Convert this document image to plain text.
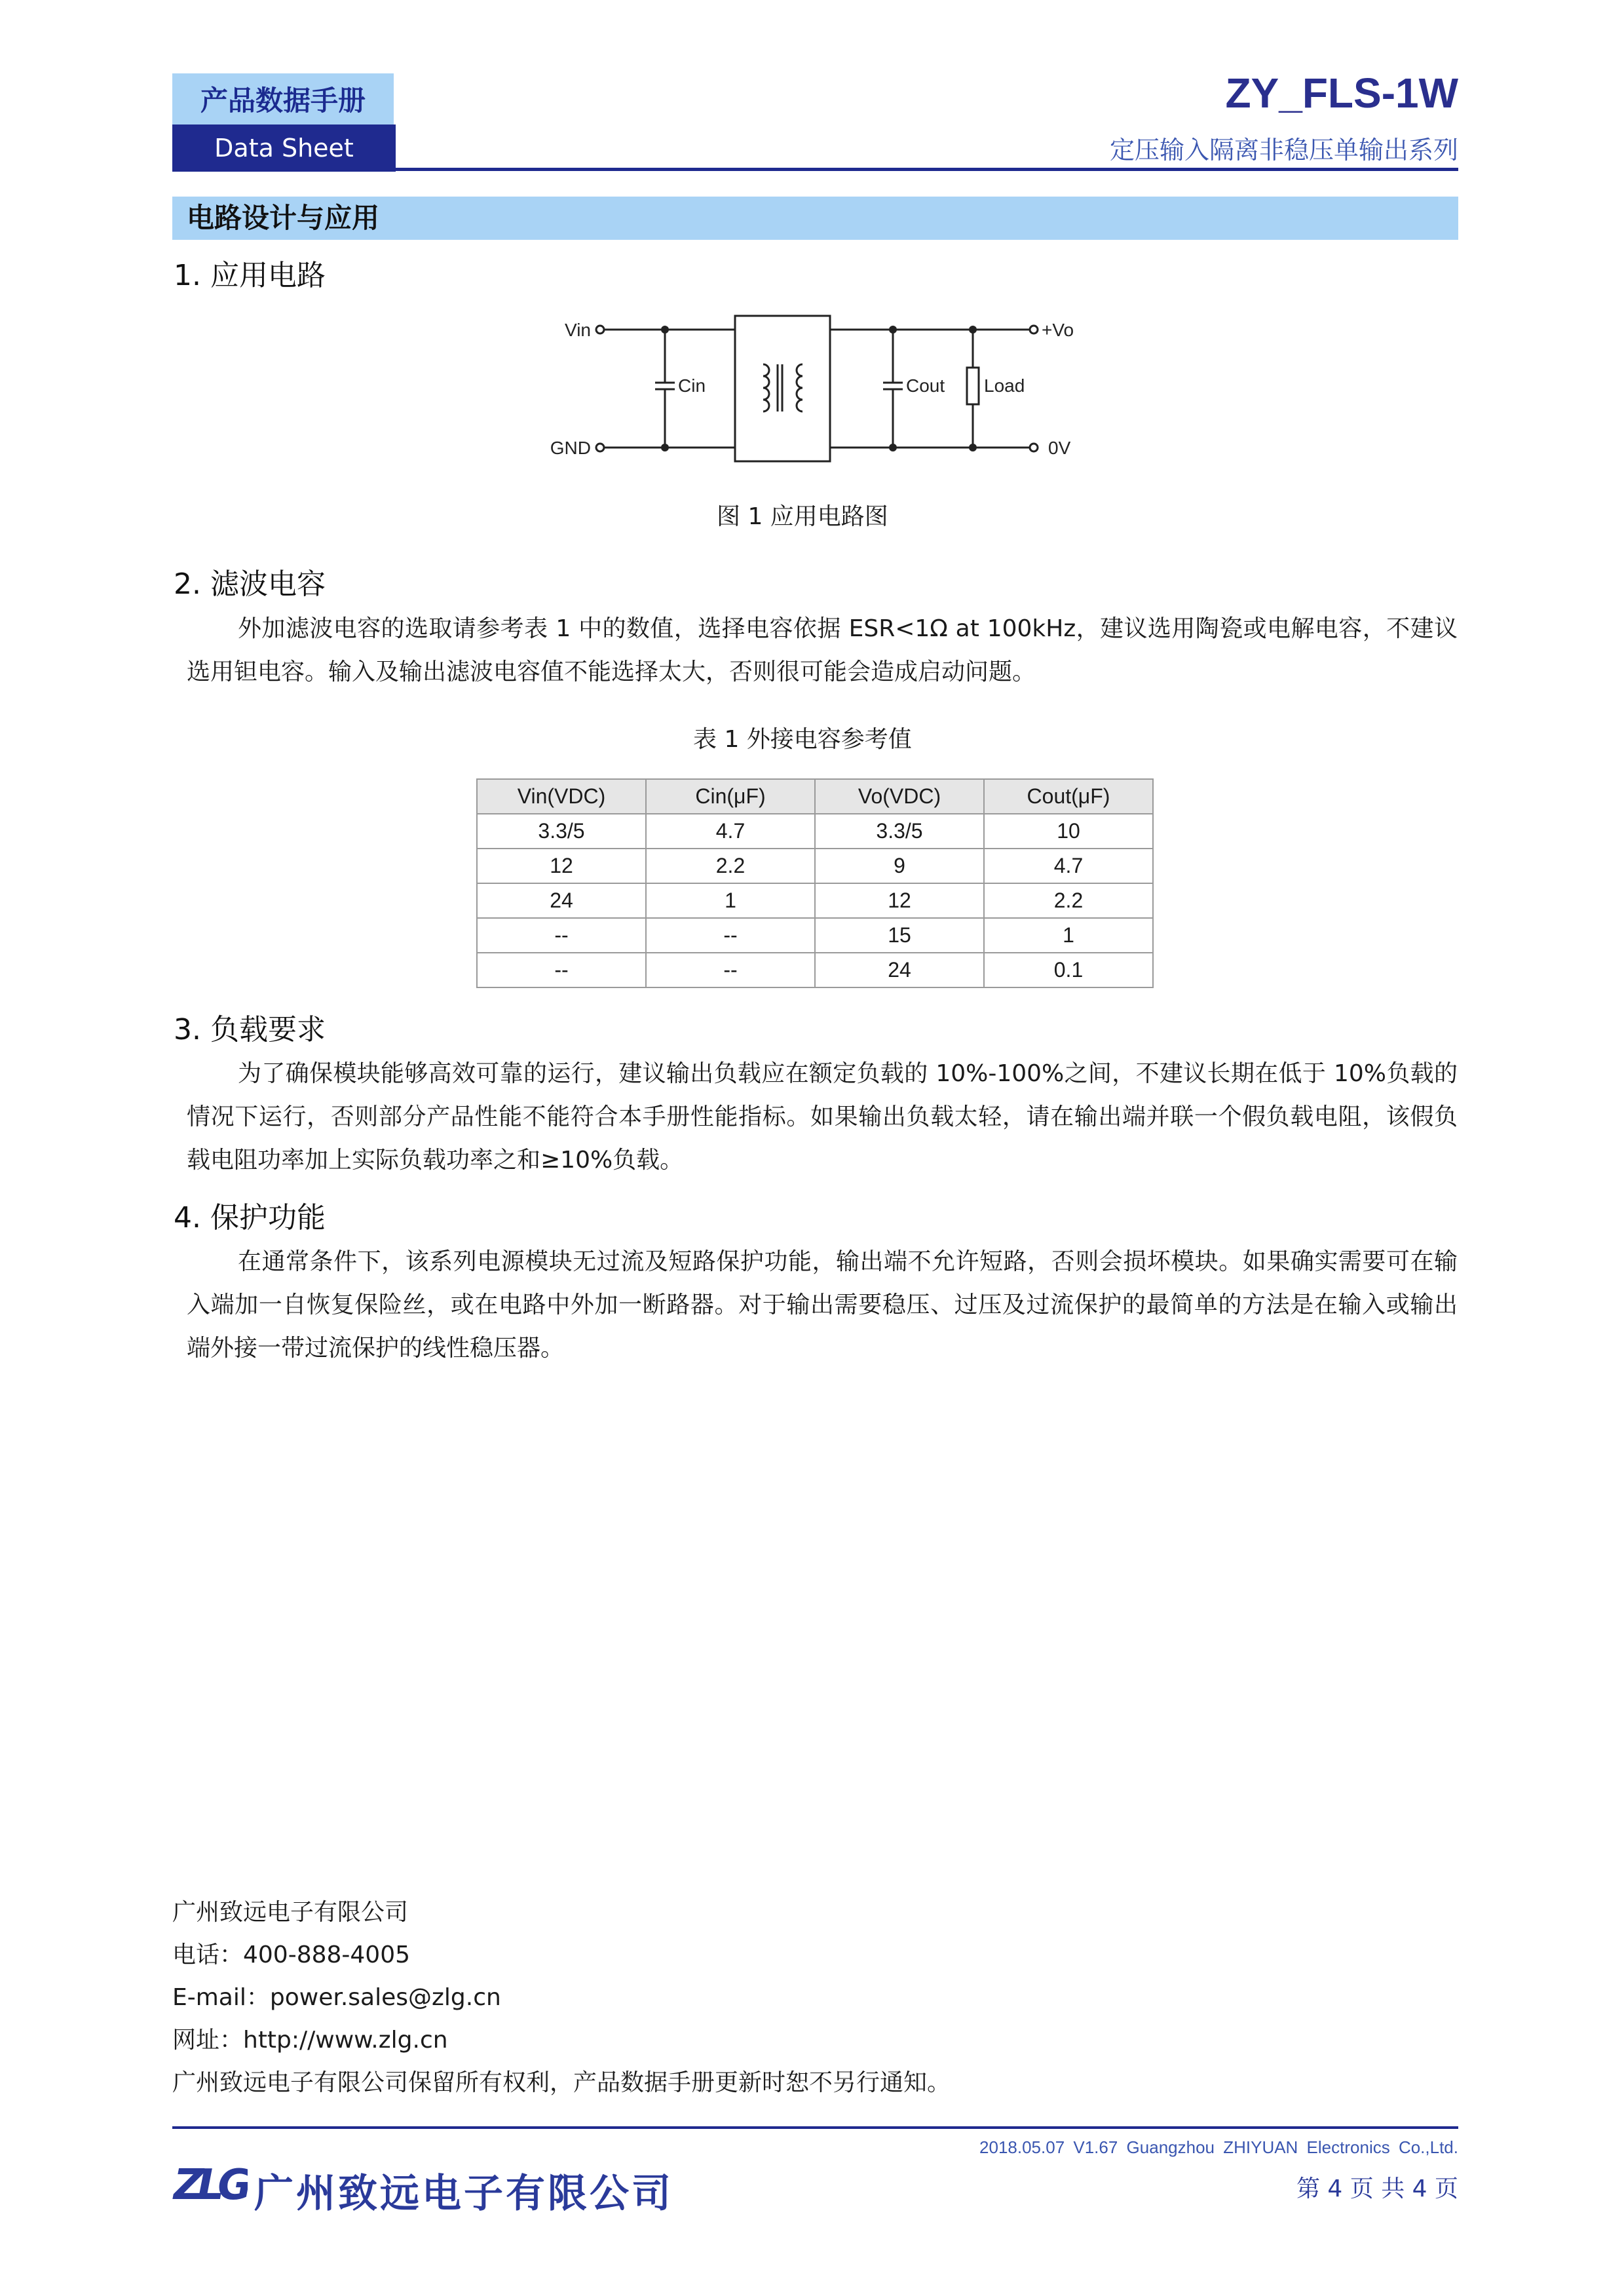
产品数据手册
Data Sheet
ZY_FLS-1W
定压输入隔离非稳压单输出系列
电路设计与应用
1. 应用电路
Vin
GND
Cin	Cout Load
+Vo
0V
图 1 应用电路图
2. 滤波电容
外加滤波电容的选取请参考表 1 中的数值，选择电容依据 ESR<1Ω at 100kHz，建议选用陶瓷或电解电容，不建议选用钽电容。输入及输出滤波电容值不能选择太大，否则很可能会造成启动问题。
表 1 外接电容参考值
Vin(VDC)	Cin(μF)	Vo(VDC)	Cout(μF)
3.3/5	4.7	3.3/5	10
12	2.2	9	4.7
24	1	12	2.2
--	--	15	1
--	--	24	0.1
3. 负载要求
为了确保模块能够高效可靠的运行，建议输出负载应在额定负载的 10%-100%之间，不建议长期在低于 10%负载的情况下运行，否则部分产品性能不能符合本手册性能指标。如果输出负载太轻，请在输出端并联一个假负载电阻，该假负载电阻功率加上实际负载功率之和≥10%负载。
4. 保护功能
在通常条件下，该系列电源模块无过流及短路保护功能，输出端不允许短路，否则会损坏模块。如果确实需要可在输入端加一自恢复保险丝，或在电路中外加一断路器。对于输出需要稳压、过压及过流保护的最简单的方法是在输入或输出端外接一带过流保护的线性稳压器。
广州致远电子有限公司
电话：400-888-4005
E-mail：power.sales@zlg.cn
网址：http://www.zlg.cn
广州致远电子有限公司保留所有权利，产品数据手册更新时恕不另行通知。
2018.05.07 V1.67 Guangzhou ZHIYUAN Electronics Co.,Ltd.
第 4 页 共 4 页
ZLG 广州致远电子有限公司
